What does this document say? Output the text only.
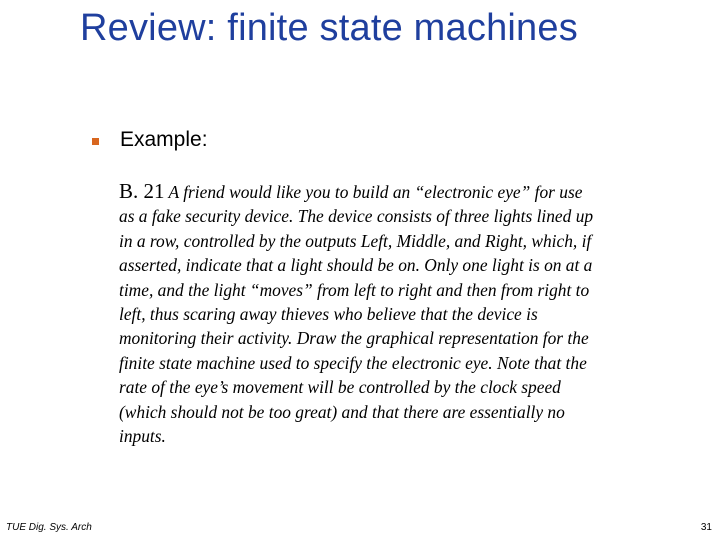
Review: finite state machines
Example:

B. 21 A friend would like you to build an “electronic eye” for use
as a fake security device. The device consists of three lights lined up
in a row, controlled by the outputs Left, Middle, and Right, which, if
asserted, indicate that a light should be on. Only one light is on at a
time, and the light “moves” from left to right and then from right to
left, thus scaring away thieves who believe that the device is
monitoring their activity. Draw the graphical representation for the
finite state machine used to specify the electronic eye. Note that the
rate of the eye’s movement will be controlled by the clock speed
(which should not be too great) and that there are essentially no
inputs.

TUE Dig. Sys. Arch	31
